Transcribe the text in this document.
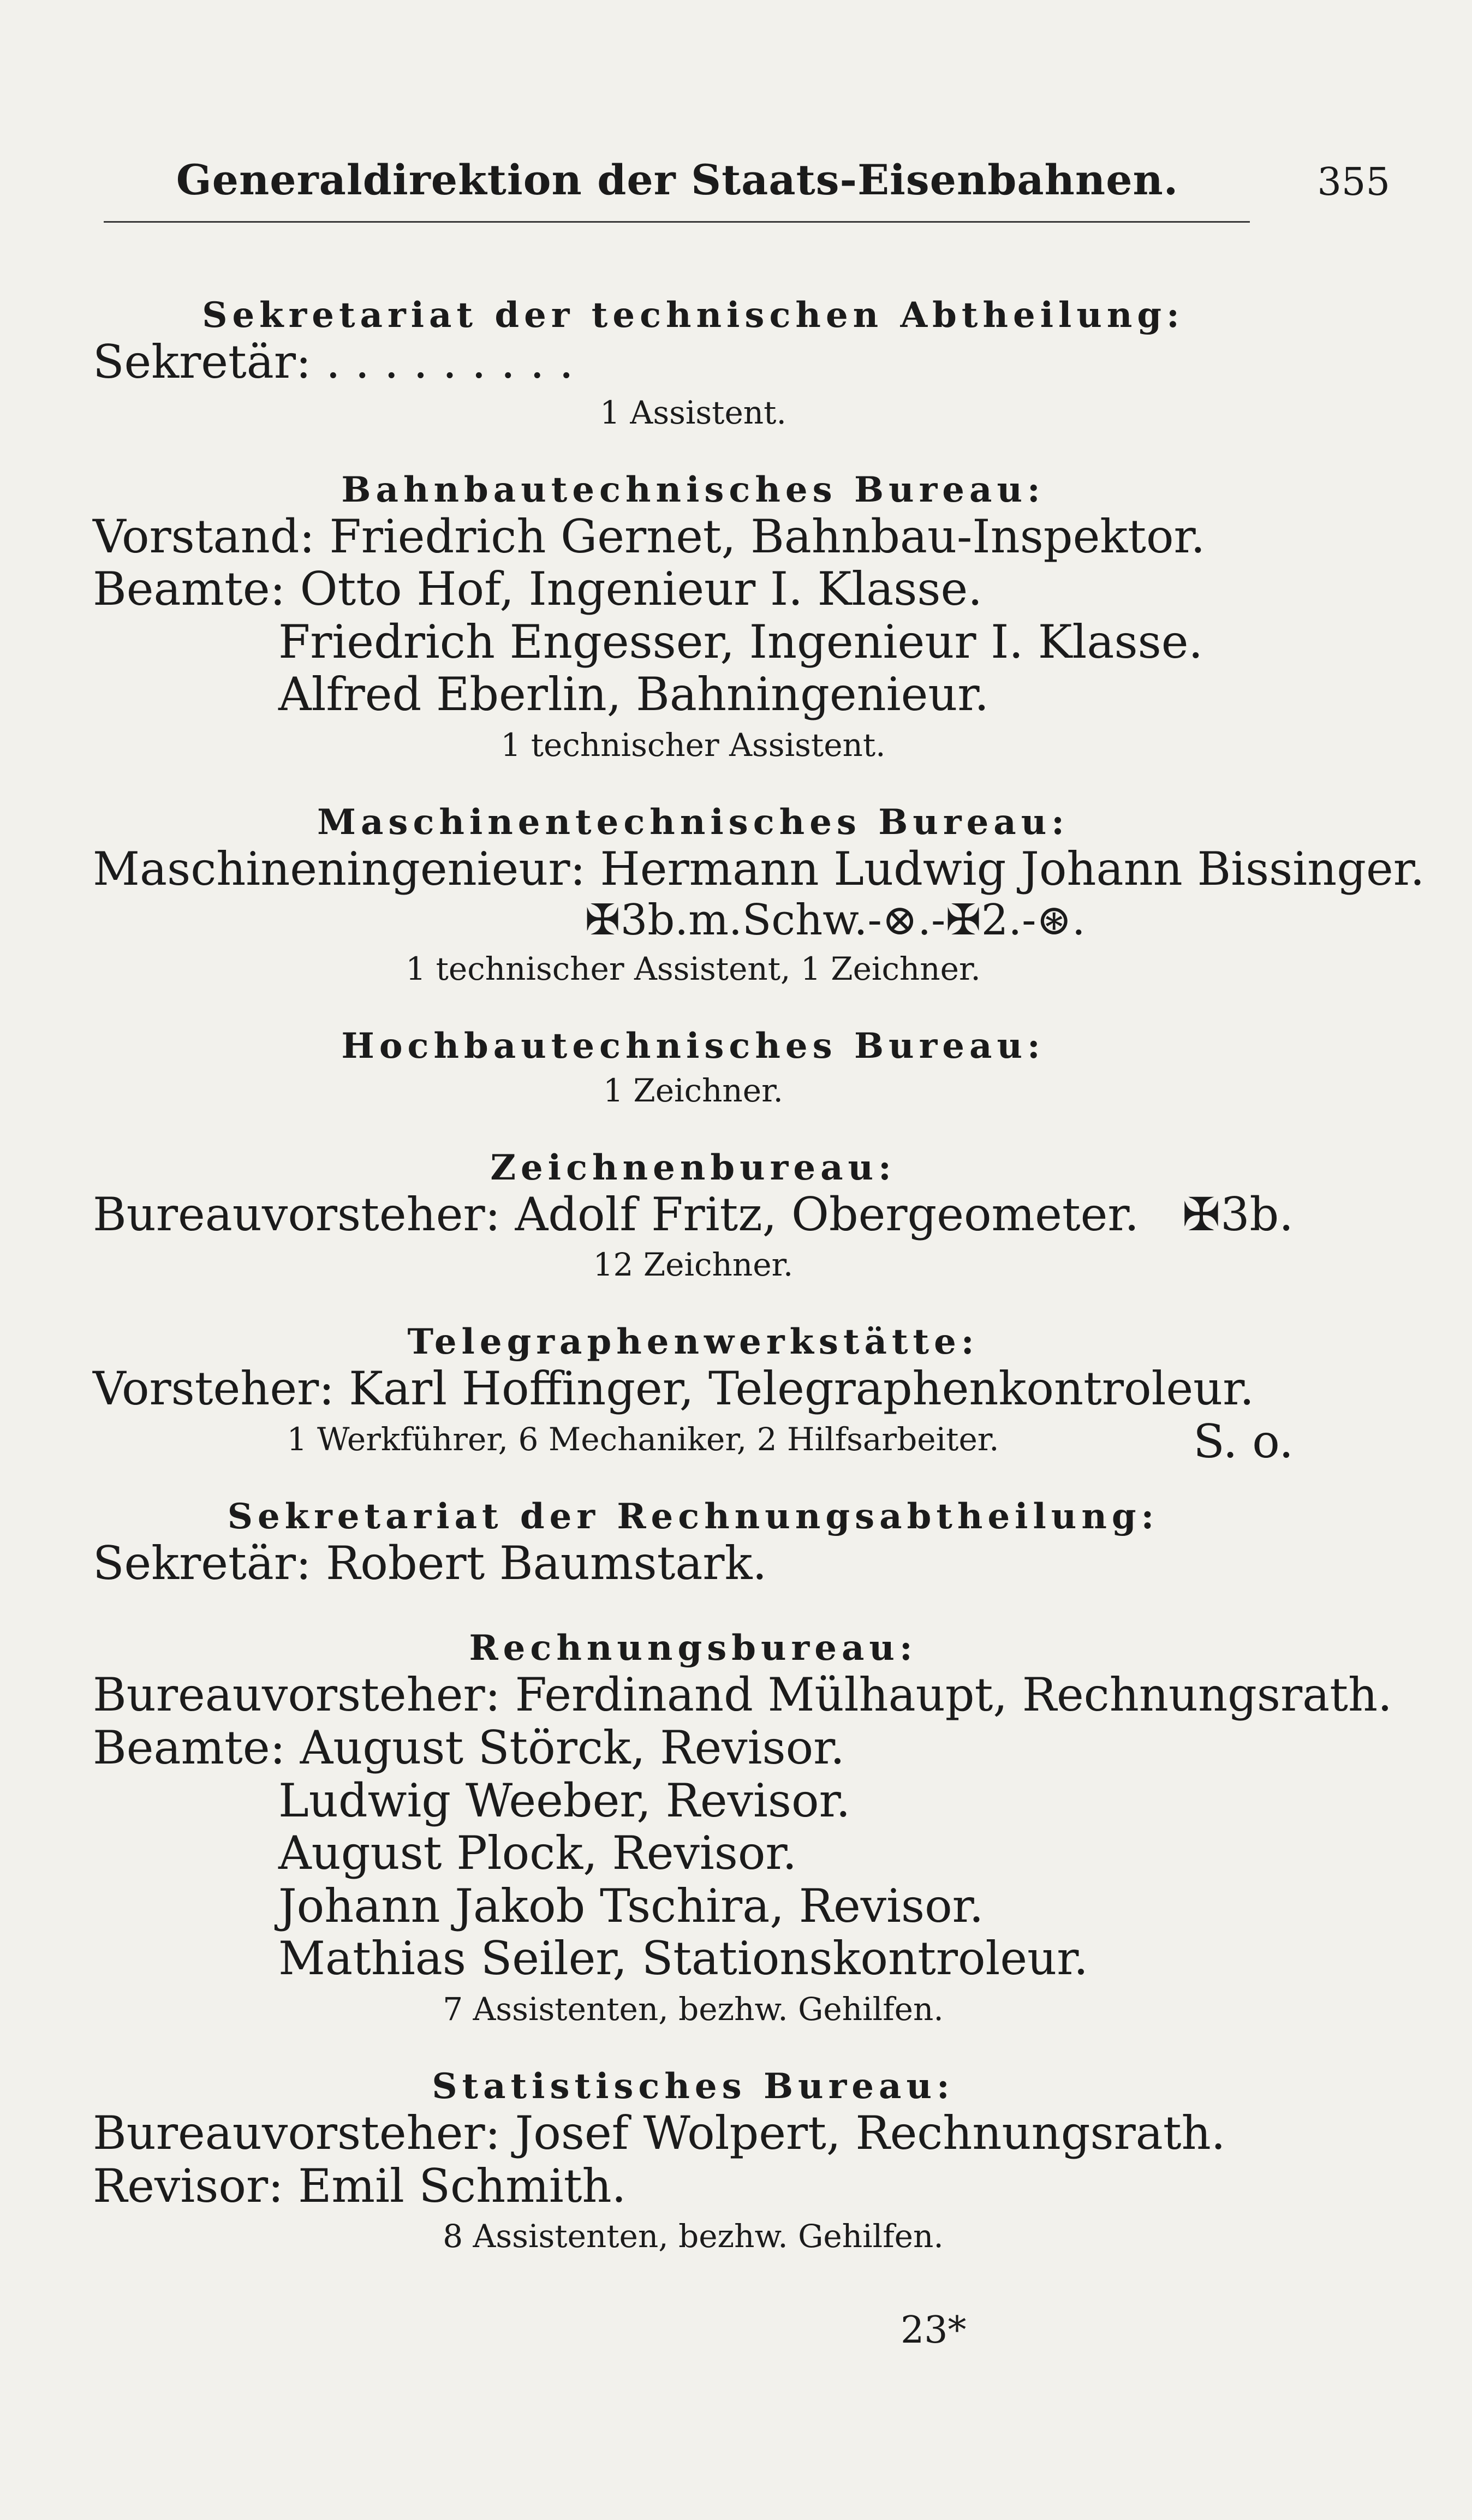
Generaldirektion der Staats-Eisenbahnen.	355

Sekretariat der technischen Abtheilung:

Sekretär: . . . . . . . . .

1 Assistent.

Bahnbautechnisches Bureau:

Vorstand: Friedrich Gernet, Bahnbau-Inspektor.

Beamte: Otto Hof, Ingenieur I. Klasse.

Friedrich Engesser, Ingenieur I. Klasse.

Alfred Eberlin, Bahningenieur.

1 technischer Assistent.

Maschinentechnisches Bureau:

Maschineningenieur: Hermann Ludwig Johann Bissinger.

✠3b.m.Schw.-⊗.-✠2.-⊛.

1 technischer Assistent, 1 Zeichner.

Hochbautechnisches Bureau:

1 Zeichner.

Zeichnenbureau:

Bureauvorsteher: Adolf Fritz, Obergeometer. ✠3b.

12 Zeichner.

Telegraphenwerkstätte:

Vorsteher: Karl Hoffinger, Telegraphenkontroleur.
S. o.

1 Werkführer, 6 Mechaniker, 2 Hilfsarbeiter.

Sekretariat der Rechnungsabtheilung:

Sekretär: Robert Baumstark.

Rechnungsbureau:

Bureauvorsteher: Ferdinand Mülhaupt, Rechnungsrath.

Beamte: August Störck, Revisor.

Ludwig Weeber, Revisor.

August Plock, Revisor.

Johann Jakob Tschira, Revisor.

Mathias Seiler, Stationskontroleur.

7 Assistenten, bezhw. Gehilfen.

Statistisches Bureau:

Bureauvorsteher: Josef Wolpert, Rechnungsrath.

Revisor: Emil Schmith.

8 Assistenten, bezhw. Gehilfen.

23*
